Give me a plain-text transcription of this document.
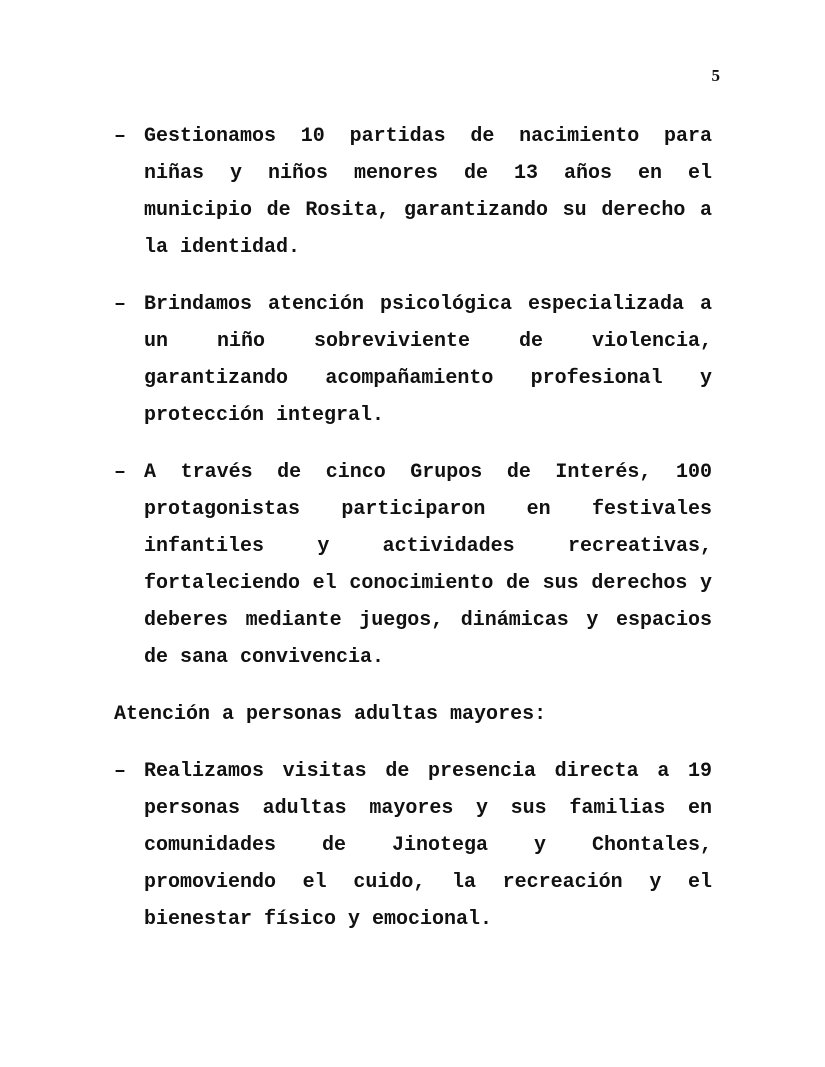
5
– Gestionamos 10 partidas de nacimiento para niñas y niños menores de 13 años en el municipio de Rosita, garantizando su derecho a la identidad.
– Brindamos atención psicológica especializada a un niño sobreviviente de violencia, garantizando acompañamiento profesional y protección integral.
– A través de cinco Grupos de Interés, 100 protagonistas participaron en festivales infantiles y actividades recreativas, fortaleciendo el conocimiento de sus derechos y deberes mediante juegos, dinámicas y espacios de sana convivencia.
Atención a personas adultas mayores:
– Realizamos visitas de presencia directa a 19 personas adultas mayores y sus familias en comunidades de Jinotega y Chontales, promoviendo el cuido, la recreación y el bienestar físico y emocional.
